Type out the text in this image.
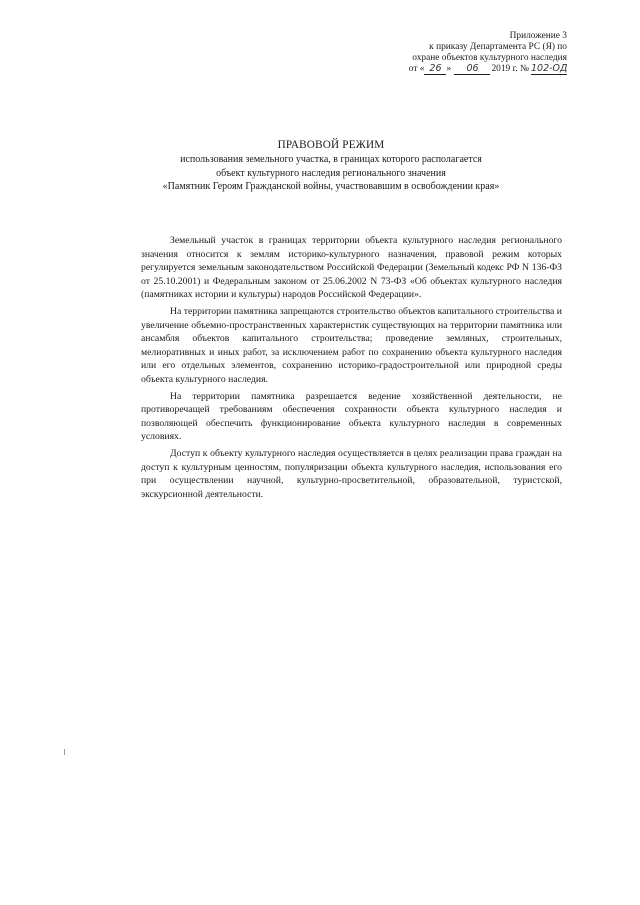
Приложение 3
к приказу Департамента РС (Я) по
охране объектов культурного наследия
от « 26 » 06 2019 г. № 102-ОД
ПРАВОВОЙ РЕЖИМ
использования земельного участка, в границах которого располагается
объект культурного наследия регионального значения
«Памятник Героям Гражданской войны, участвовавшим в освобождении края»

Земельный участок в границах территории объекта культурного наследия регионального значения относится к землям историко-культурного назначения, правовой режим которых регулируется земельным законодательством Российской Федерации (Земельный кодекс РФ N 136-ФЗ от 25.10.2001) и Федеральным законом от 25.06.2002 N 73-ФЗ «Об объектах культурного наследия (памятниках истории и культуры) народов Российской Федерации».

На территории памятника запрещаются строительство объектов капитального строительства и увеличение объемно-пространственных характеристик существующих на территории памятника или ансамбля объектов капитального строительства; проведение земляных, строительных, мелиоративных и иных работ, за исключением работ по сохранению объекта культурного наследия или его отдельных элементов, сохранению историко-градостроительной или природной среды объекта культурного наследия.

На территории памятника разрешается ведение хозяйственной деятельности, не противоречащей требованиям обеспечения сохранности объекта культурного наследия и позволяющей обеспечить функционирование объекта культурного наследия в современных условиях.

Доступ к объекту культурного наследия осуществляется в целях реализации права граждан на доступ к культурным ценностям, популяризации объекта культурного наследия, использования его при осуществлении научной, культурно-просветительной, образовательной, туристской, экскурсионной деятельности.
